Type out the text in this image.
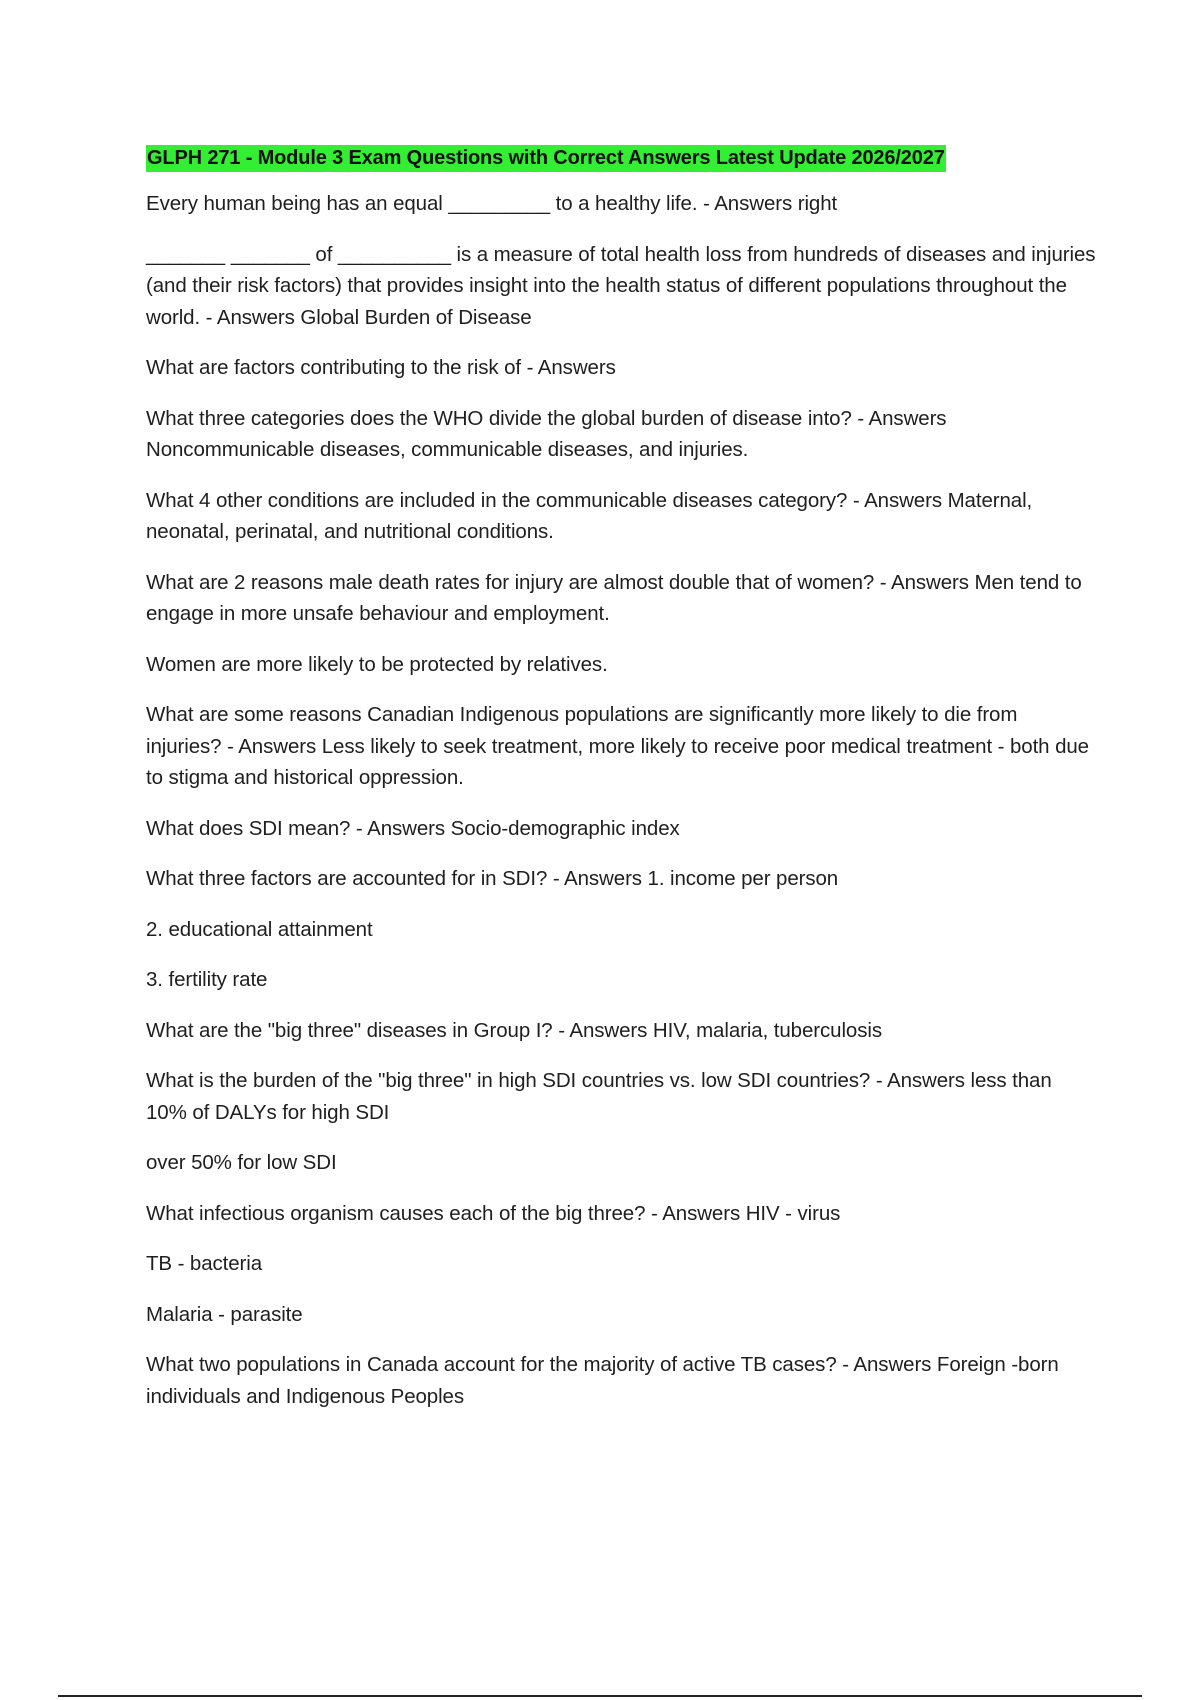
GLPH 271 - Module 3 Exam Questions with Correct Answers Latest Update 2026/2027

Every human being has an equal _________ to a healthy life. - Answers right

_______ _______ of __________ is a measure of total health loss from hundreds of diseases and injuries (and their risk factors) that provides insight into the health status of different populations throughout the world. - Answers Global Burden of Disease

What are factors contributing to the risk of - Answers

What three categories does the WHO divide the global burden of disease into? - Answers Noncommunicable diseases, communicable diseases, and injuries.

What 4 other conditions are included in the communicable diseases category? - Answers Maternal, neonatal, perinatal, and nutritional conditions.

What are 2 reasons male death rates for injury are almost double that of women? - Answers Men tend to engage in more unsafe behaviour and employment.

Women are more likely to be protected by relatives.

What are some reasons Canadian Indigenous populations are significantly more likely to die from injuries? - Answers Less likely to seek treatment, more likely to receive poor medical treatment - both due to stigma and historical oppression.

What does SDI mean? - Answers Socio-demographic index

What three factors are accounted for in SDI? - Answers 1. income per person

2. educational attainment

3. fertility rate

What are the "big three" diseases in Group I? - Answers HIV, malaria, tuberculosis

What is the burden of the "big three" in high SDI countries vs. low SDI countries? - Answers less than 10% of DALYs for high SDI

over 50% for low SDI

What infectious organism causes each of the big three? - Answers HIV - virus

TB - bacteria

Malaria - parasite

What two populations in Canada account for the majority of active TB cases? - Answers Foreign -born individuals and Indigenous Peoples
